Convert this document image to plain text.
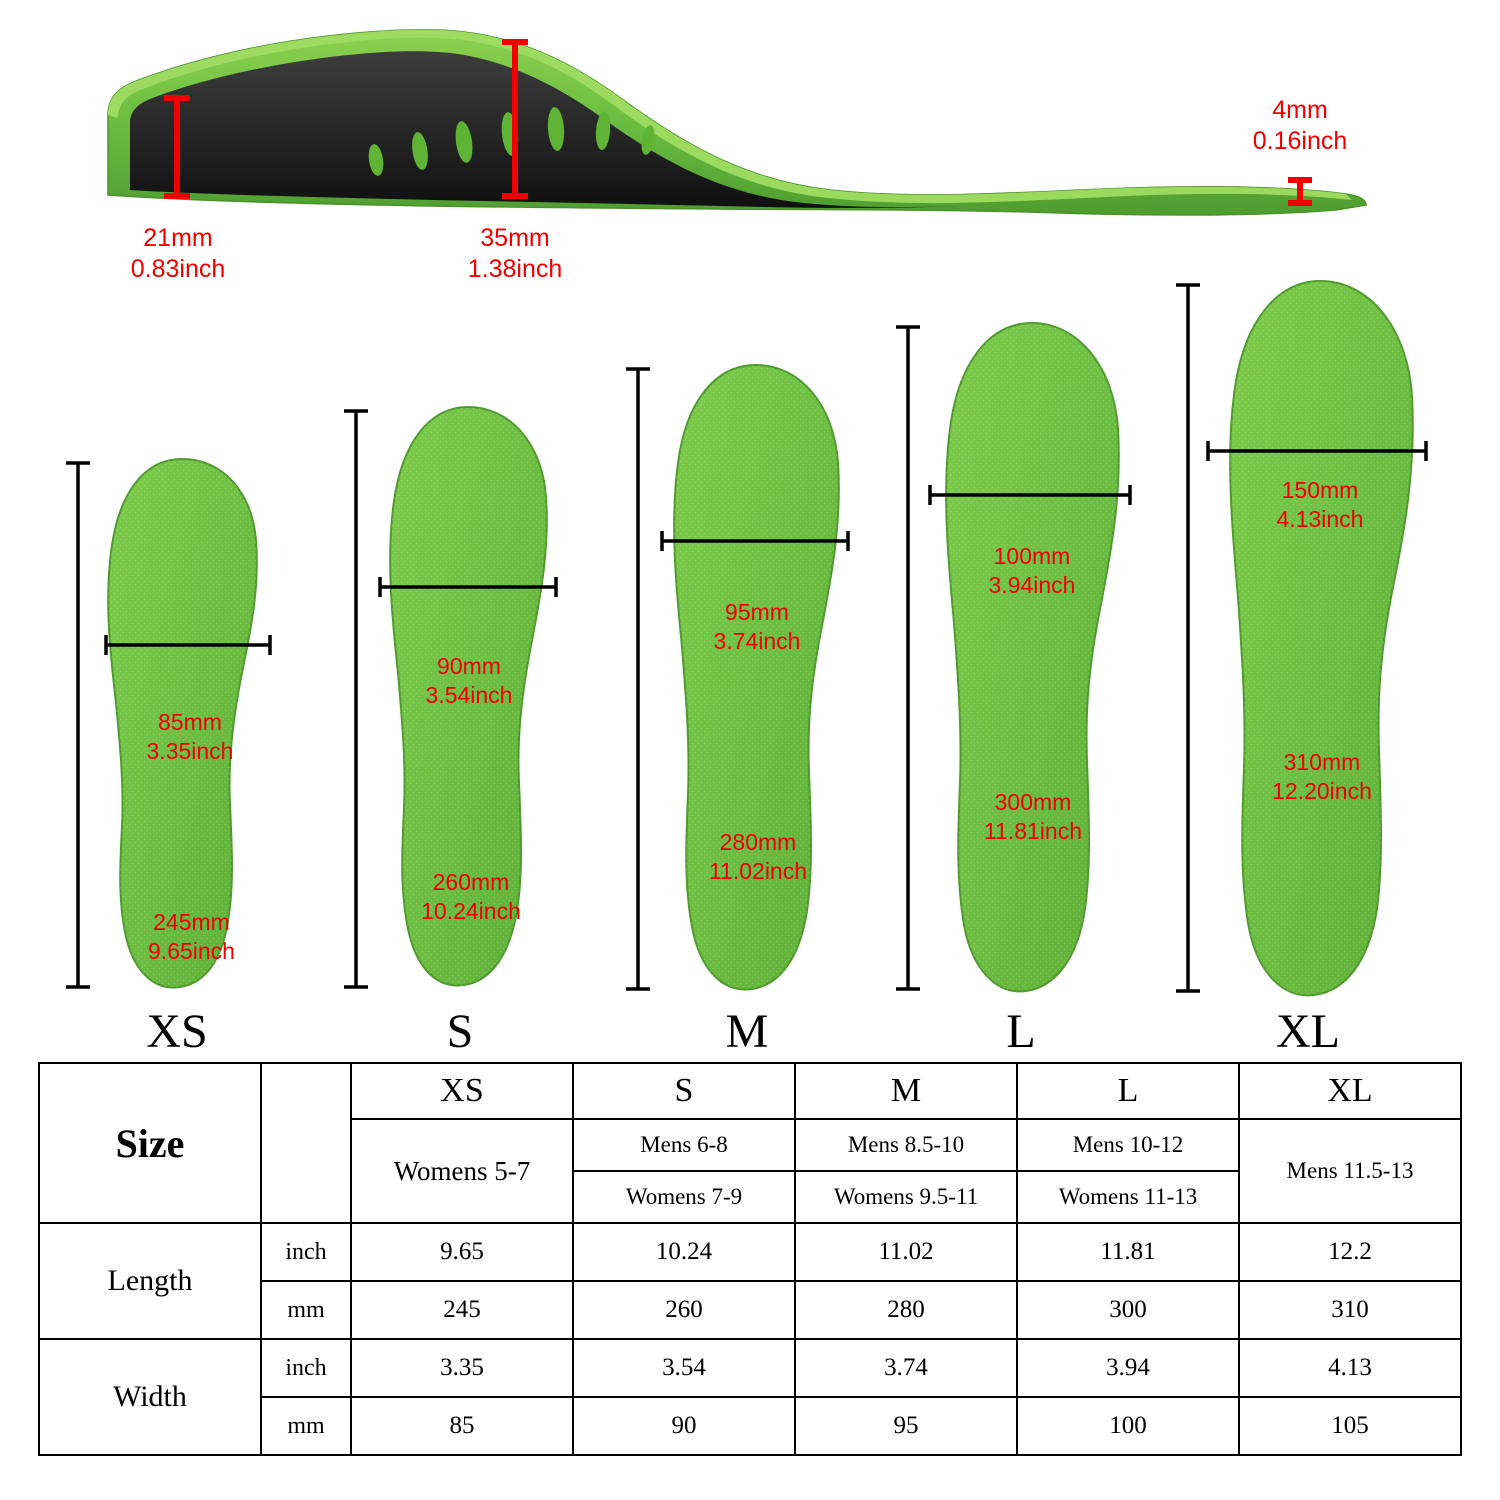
21mm
0.83inch
35mm
1.38inch
4mm
0.16inch
85mm
3.35inch
245mm
9.65inch
XS
90mm
3.54inch
260mm
10.24inch
S
95mm
3.74inch
280mm
11.02inch
M
100mm
3.94inch
300mm
11.81inch
L
150mm
4.13inch
310mm
12.20inch
XL
Size		XS	S	M	L	XL
		Womens 5-7	Mens 6-8	Mens 8.5-10	Mens 10-12	Mens 11.5-13
			Womens 7-9	Womens 9.5-11	Womens 11-13	
Length	inch	9.65	10.24	11.02	11.81	12.2
	mm	245	260	280	300	310
Width	inch	3.35	3.54	3.74	3.94	4.13
	mm	85	90	95	100	105
